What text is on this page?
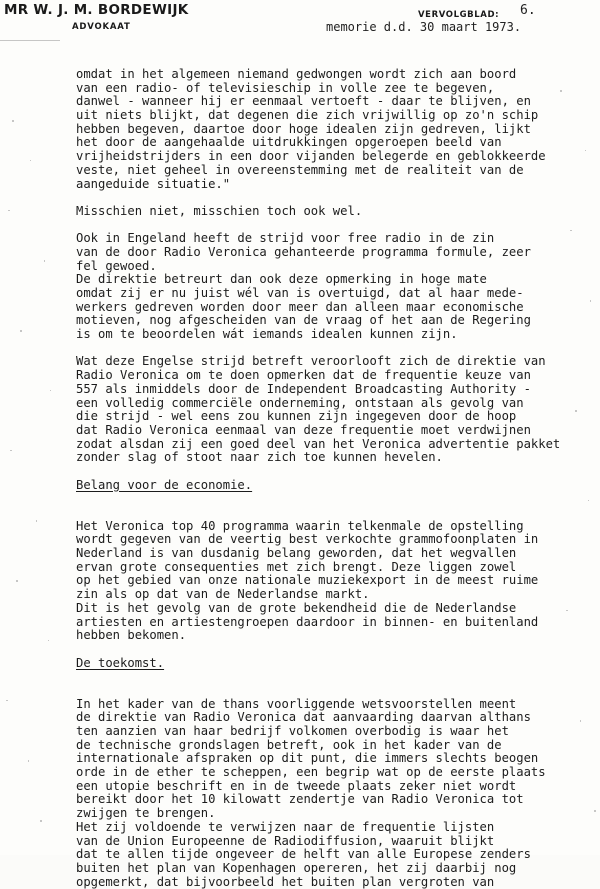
MR W. J. M. BORDEWIJK
ADVOKAAT
VERVOLGBLAD: 6.
memorie d.d. 30 maart 1973.
omdat in het algemeen niemand gedwongen wordt zich aan boord
van een radio- of televisieschip in volle zee te begeven,
danwel - wanneer hij er eenmaal vertoeft - daar te blijven, en
uit niets blijkt, dat degenen die zich vrijwillig op zo'n schip
hebben begeven, daartoe door hoge idealen zijn gedreven, lijkt
het door de aangehaalde uitdrukkingen opgeroepen beeld van
vrijheidstrijders in een door vijanden belegerde en geblokkeerde
veste, niet geheel in overeenstemming met de realiteit van de
aangeduide situatie."
Misschien niet, misschien toch ook wel.
Ook in Engeland heeft de strijd voor free radio in de zin
van de door Radio Veronica gehanteerde programma formule, zeer
fel gewoed.
De direktie betreurt dan ook deze opmerking in hoge mate
omdat zij er nu juist wél van is overtuigd, dat al haar mede-
werkers gedreven worden door meer dan alleen maar economische
motieven, nog afgescheiden van de vraag of het aan de Regering
is om te beoordelen wát iemands idealen kunnen zijn.
Wat deze Engelse strijd betreft veroorlooft zich de direktie van
Radio Veronica om te doen opmerken dat de frequentie keuze van
557 als inmiddels door de Independent Broadcasting Authority -
een volledig commerciële onderneming, ontstaan als gevolg van
die strijd - wel eens zou kunnen zijn ingegeven door de hoop
dat Radio Veronica eenmaal van deze frequentie moet verdwijnen
zodat alsdan zij een goed deel van het Veronica advertentie pakket
zonder slag of stoot naar zich toe kunnen hevelen.
Belang voor de economie.
Het Veronica top 40 programma waarin telkenmale de opstelling
wordt gegeven van de veertig best verkochte grammofoonplaten in
Nederland is van dusdanig belang geworden, dat het wegvallen
ervan grote consequenties met zich brengt. Deze liggen zowel
op het gebied van onze nationale muziekexport in de meest ruime
zin als op dat van de Nederlandse markt.
Dit is het gevolg van de grote bekendheid die de Nederlandse
artiesten en artiestengroepen daardoor in binnen- en buitenland
hebben bekomen.
De toekomst.
In het kader van de thans voorliggende wetsvoorstellen meent
de direktie van Radio Veronica dat aanvaarding daarvan althans
ten aanzien van haar bedrijf volkomen overbodig is waar het
de technische grondslagen betreft, ook in het kader van de
internationale afspraken op dit punt, die immers slechts beogen
orde in de ether te scheppen, een begrip wat op de eerste plaats
een utopie beschrift en in de tweede plaats zeker niet wordt
bereikt door het 10 kilowatt zendertje van Radio Veronica tot
zwijgen te brengen.
Het zij voldoende te verwijzen naar de frequentie lijsten
van de Union Europeenne de Radiodiffusion, waaruit blijkt
dat te allen tijde ongeveer de helft van alle Europese zenders
buiten het plan van Kopenhagen opereren, het zij daarbij nog
opgemerkt, dat bijvoorbeeld het buiten plan vergroten van
